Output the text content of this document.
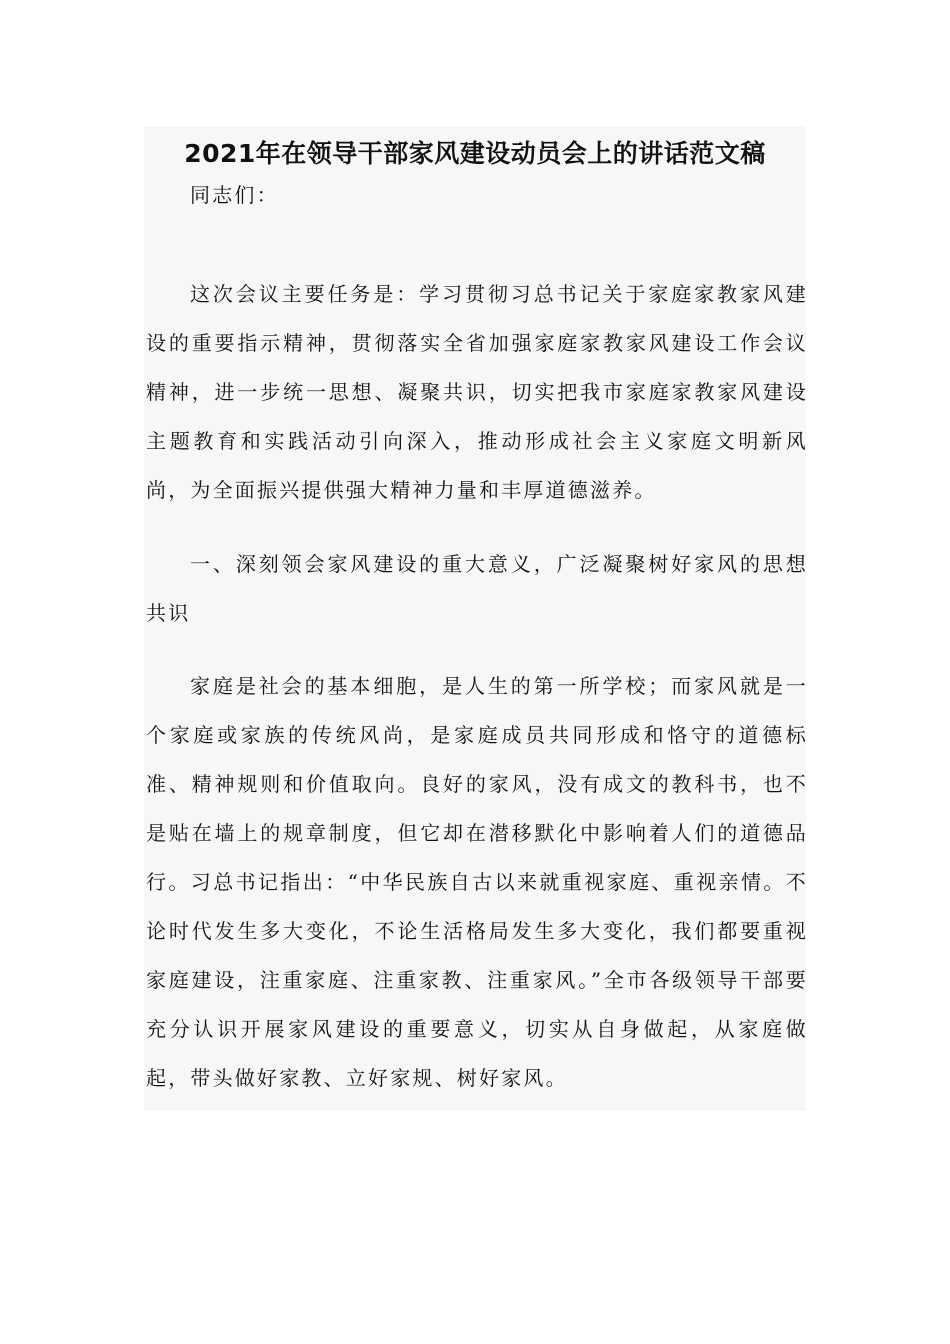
2021年在领导干部家风建设动员会上的讲话范文稿

同志们：

这次会议主要任务是：学习贯彻习总书记关于家庭家教家风建设的重要指示精神，贯彻落实全省加强家庭家教家风建设工作会议精神，进一步统一思想、凝聚共识，切实把我市家庭家教家风建设主题教育和实践活动引向深入，推动形成社会主义家庭文明新风尚，为全面振兴提供强大精神力量和丰厚道德滋养。

一、深刻领会家风建设的重大意义，广泛凝聚树好家风的思想共识

家庭是社会的基本细胞，是人生的第一所学校；而家风就是一个家庭或家族的传统风尚，是家庭成员共同形成和恪守的道德标准、精神规则和价值取向。良好的家风，没有成文的教科书，也不是贴在墙上的规章制度，但它却在潜移默化中影响着人们的道德品行。习总书记指出：“中华民族自古以来就重视家庭、重视亲情。不论时代发生多大变化，不论生活格局发生多大变化，我们都要重视家庭建设，注重家庭、注重家教、注重家风。”全市各级领导干部要充分认识开展家风建设的重要意义，切实从自身做起，从家庭做起，带头做好家教、立好家规、树好家风。
